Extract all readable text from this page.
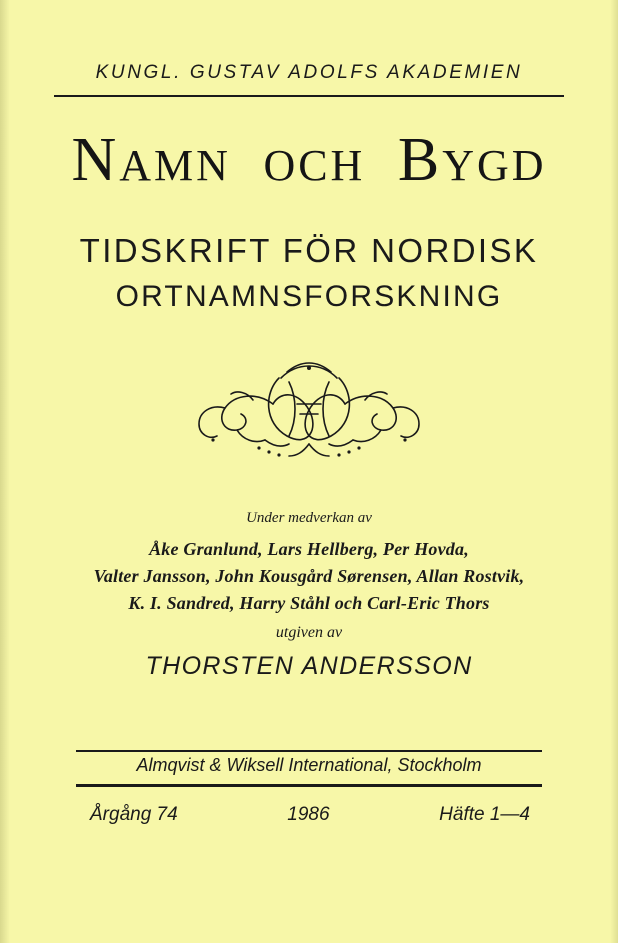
KUNGL. GUSTAV ADOLFS AKADEMIEN
NAMN  OCH  BYGD
TIDSKRIFT FÖR NORDISK
ORTNAMNSFORSKNING
Under medverkan av
Åke Granlund, Lars Hellberg, Per Hovda,
Valter Jansson, John Kousgård Sørensen, Allan Rostvik,
K. I. Sandred, Harry Ståhl och Carl-Eric Thors
utgiven av
THORSTEN ANDERSSON
Almqvist & Wiksell International, Stockholm
Årgång 74	1986	Häfte 1—4
